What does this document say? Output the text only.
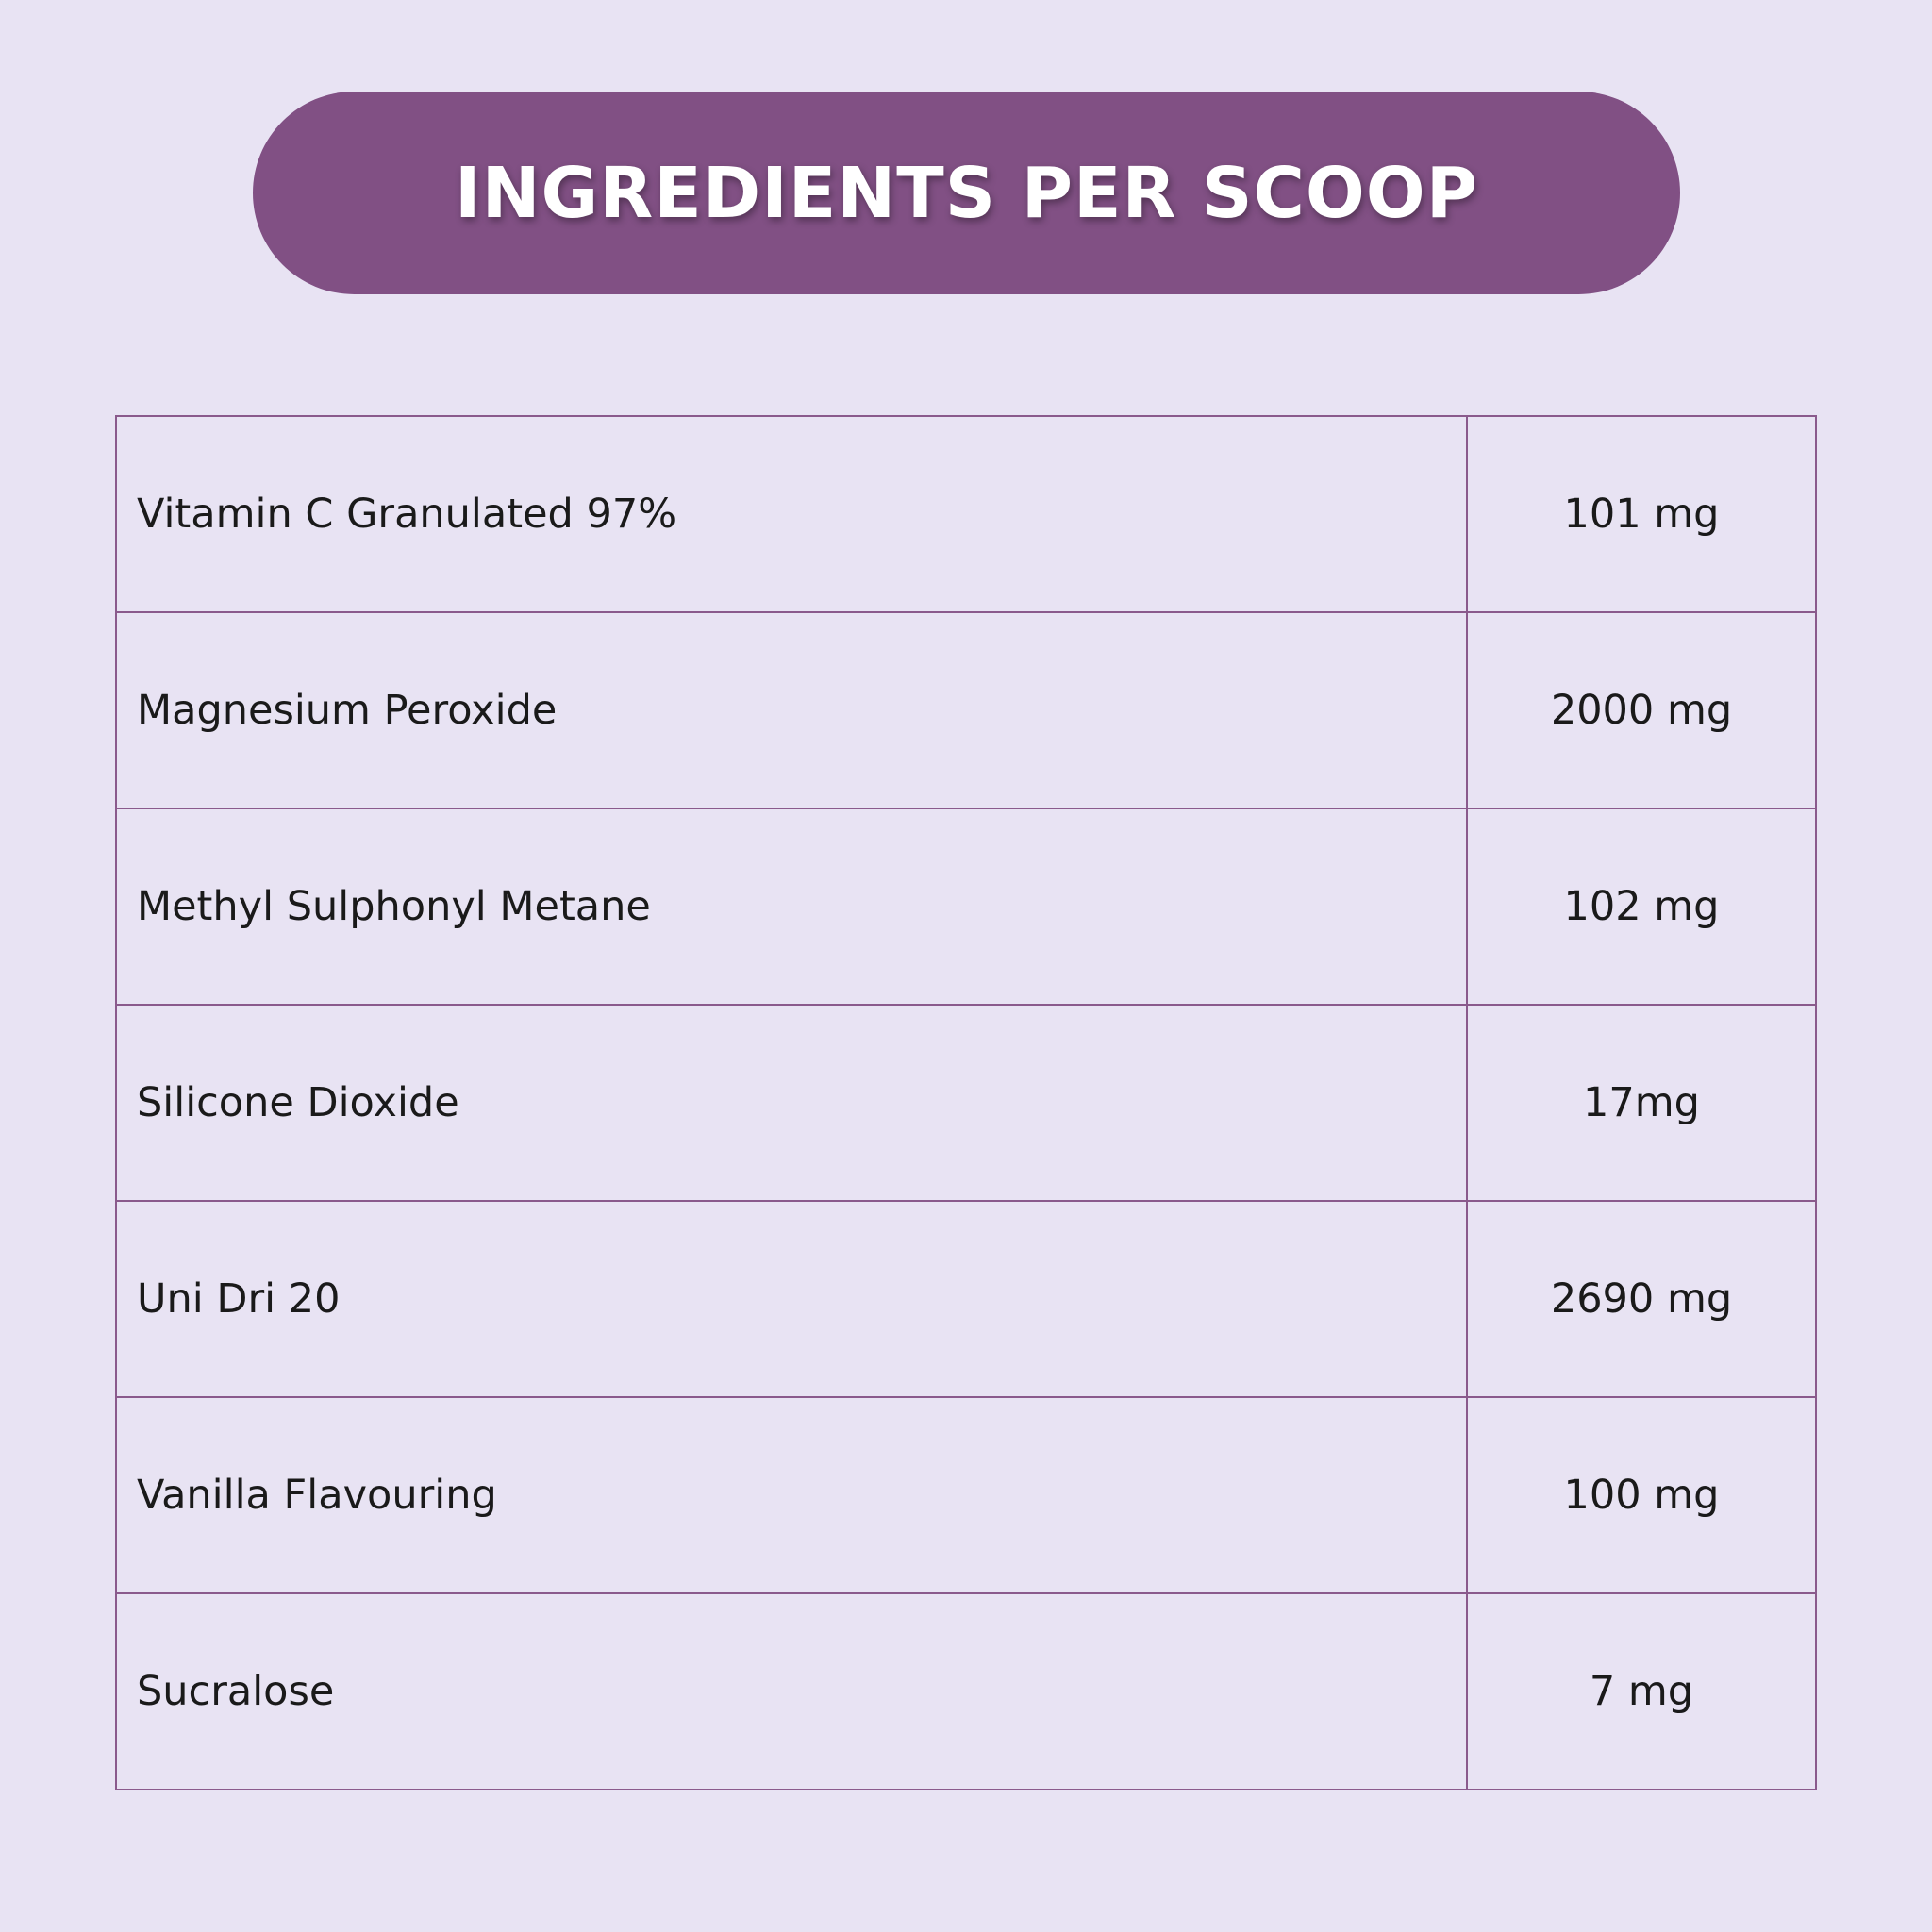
INGREDIENTS PER SCOOP
Vitamin C Granulated 97%	101 mg
Magnesium Peroxide	2000 mg
Methyl Sulphonyl Metane	102 mg
Silicone Dioxide	17mg
Uni Dri 20	2690 mg
Vanilla Flavouring	100 mg
Sucralose	7 mg
